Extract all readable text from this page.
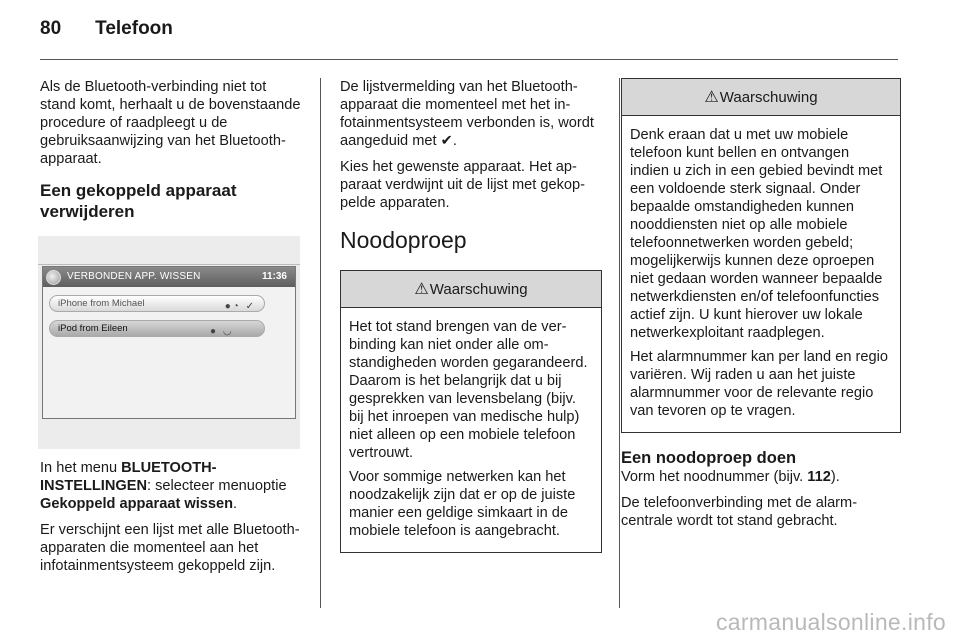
80 Telefoon

Als de Bluetooth-verbinding niet tot stand komt, herhaalt u de bovenstaande procedure of raadpleegt u de gebruiksaanwijzing van het Bluetooth-apparaat.

Een gekoppeld apparaat verwijderen
VERBONDEN APP. WISSEN	11:36
iPhone from Michael	●◔ ✓
iPod from Eileen	● ◡

In het menu BLUETOOTH-INSTELLINGEN: selecteer menuoptie Gekoppeld apparaat wissen.

Er verschijnt een lijst met alle Bluetooth-apparaten die momenteel aan het infotainmentsysteem gekoppeld zijn.

De lijstvermelding van het Bluetooth-apparaat die momenteel met het infotainmentsysteem verbonden is, wordt aangeduid met ✔.

Kies het gewenste apparaat. Het apparaat verdwijnt uit de lijst met gekoppelde apparaten.

Noodoproep
⚠Waarschuwing

Het tot stand brengen van de verbinding kan niet onder alle omstandigheden worden gegarandeerd. Daarom is het belangrijk dat u bij gesprekken van levensbelang (bijv. bij het inroepen van medische hulp) niet alleen op een mobiele telefoon vertrouwt.

Voor sommige netwerken kan het noodzakelijk zijn dat er op de juiste manier een geldige simkaart in de mobiele telefoon is aangebracht.

⚠Waarschuwing

Denk eraan dat u met uw mobiele telefoon kunt bellen en ontvangen indien u zich in een gebied bevindt met een voldoende sterk signaal. Onder bepaalde omstandigheden kunnen nooddiensten niet op alle mobiele telefoonnetwerken worden gebeld; mogelijkerwijs kunnen deze oproepen niet gedaan worden wanneer bepaalde netwerkdiensten en/of telefoonfuncties actief zijn. U kunt hierover uw lokale netwerkexploitant raadplegen.

Het alarmnummer kan per land en regio variëren. Wij raden u aan het juiste alarmnummer voor de relevante regio van tevoren op te vragen.

Een noodoproep doen

Vorm het noodnummer (bijv. 112).

De telefoonverbinding met de alarmcentrale wordt tot stand gebracht.

carmanualsonline.info
